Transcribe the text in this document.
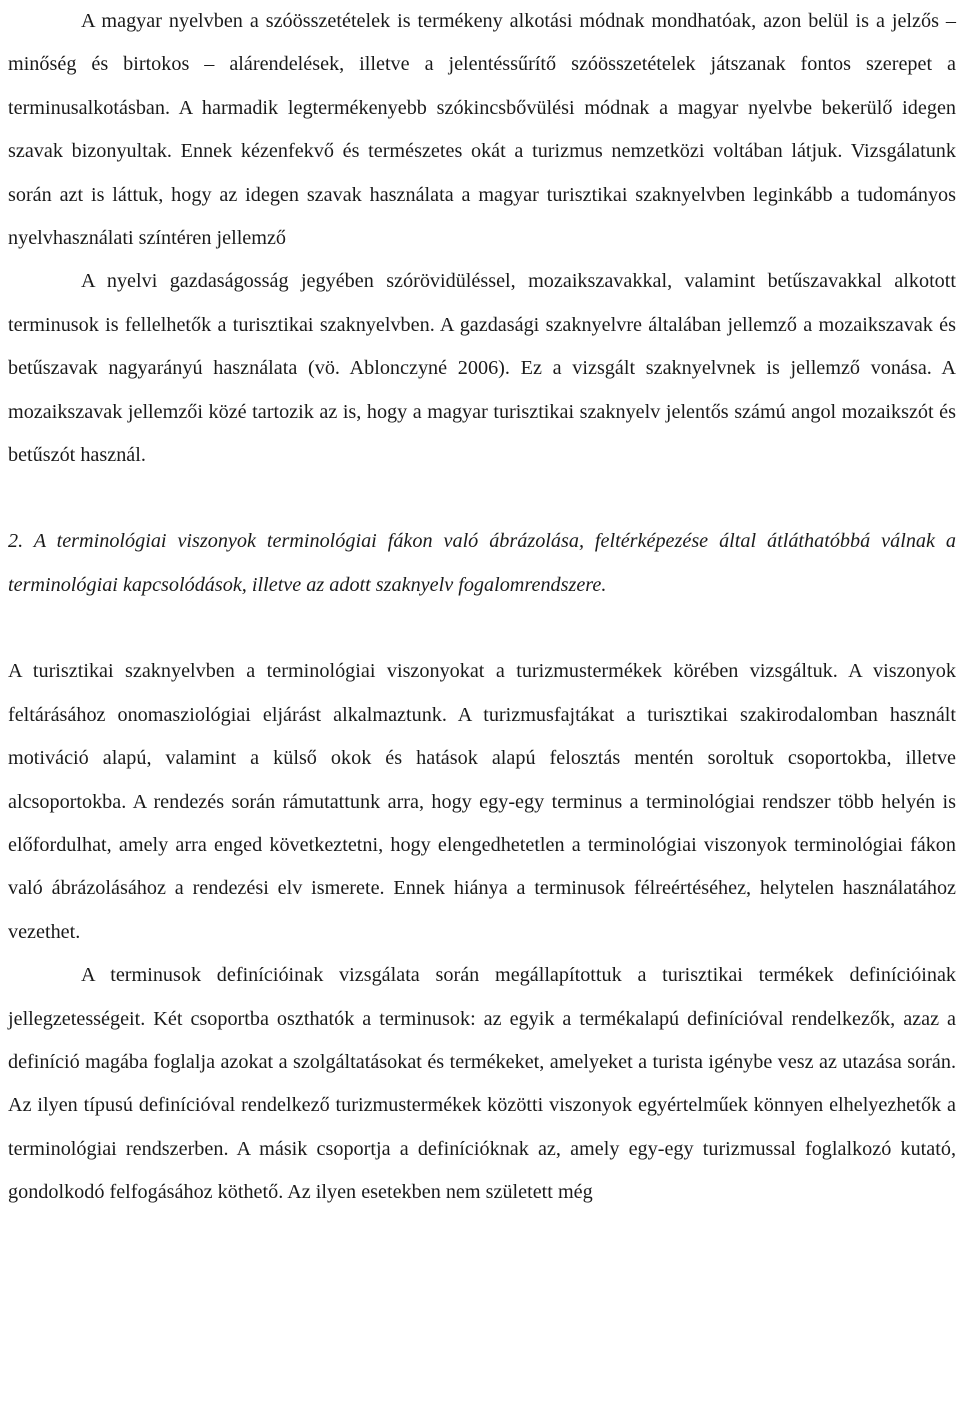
A magyar nyelvben a szóösszetételek is termékeny alkotási módnak mondhatóak, azon belül is a jelzős – minőség és birtokos – alárendelések, illetve a jelentéssűrítő szóösszetételek játszanak fontos szerepet a terminusalkotásban. A harmadik legtermékenyebb szókincsbővülési módnak a magyar nyelvbe bekerülő idegen szavak bizonyultak. Ennek kézenfekvő és természetes okát a turizmus nemzetközi voltában látjuk. Vizsgálatunk során azt is láttuk, hogy az idegen szavak használata a magyar turisztikai szaknyelvben leginkább a tudományos nyelvhasználati színtéren jellemző

A nyelvi gazdaságosság jegyében szórövidüléssel, mozaikszavakkal, valamint betűszavakkal alkotott terminusok is fellelhetők a turisztikai szaknyelvben. A gazdasági szaknyelvre általában jellemző a mozaikszavak és betűszavak nagyarányú használata (vö. Ablonczyné 2006). Ez a vizsgált szaknyelvnek is jellemző vonása. A mozaikszavak jellemzői közé tartozik az is, hogy a magyar turisztikai szaknyelv jelentős számú angol mozaikszót és betűszót használ.

2. A terminológiai viszonyok terminológiai fákon való ábrázolása, feltérképezése által átláthatóbbá válnak a terminológiai kapcsolódások, illetve az adott szaknyelv fogalomrendszere.

A turisztikai szaknyelvben a terminológiai viszonyokat a turizmustermékek körében vizsgáltuk. A viszonyok feltárásához onomasziológiai eljárást alkalmaztunk. A turizmusfajtákat a turisztikai szakirodalomban használt motiváció alapú, valamint a külső okok és hatások alapú felosztás mentén soroltuk csoportokba, illetve alcsoportokba. A rendezés során rámutattunk arra, hogy egy-egy terminus a terminológiai rendszer több helyén is előfordulhat, amely arra enged következtetni, hogy elengedhetetlen a terminológiai viszonyok terminológiai fákon való ábrázolásához a rendezési elv ismerete. Ennek hiánya a terminusok félreértéséhez, helytelen használatához vezethet.

A terminusok definícióinak vizsgálata során megállapítottuk a turisztikai termékek definícióinak jellegzetességeit. Két csoportba oszthatók a terminusok: az egyik a termékalapú definícióval rendelkezők, azaz a definíció magába foglalja azokat a szolgáltatásokat és termékeket, amelyeket a turista igénybe vesz az utazása során. Az ilyen típusú definícióval rendelkező turizmustermékek közötti viszonyok egyértelműek könnyen elhelyezhetők a terminológiai rendszerben. A másik csoportja a definícióknak az, amely egy-egy turizmussal foglalkozó kutató, gondolkodó felfogásához köthető. Az ilyen esetekben nem született még
